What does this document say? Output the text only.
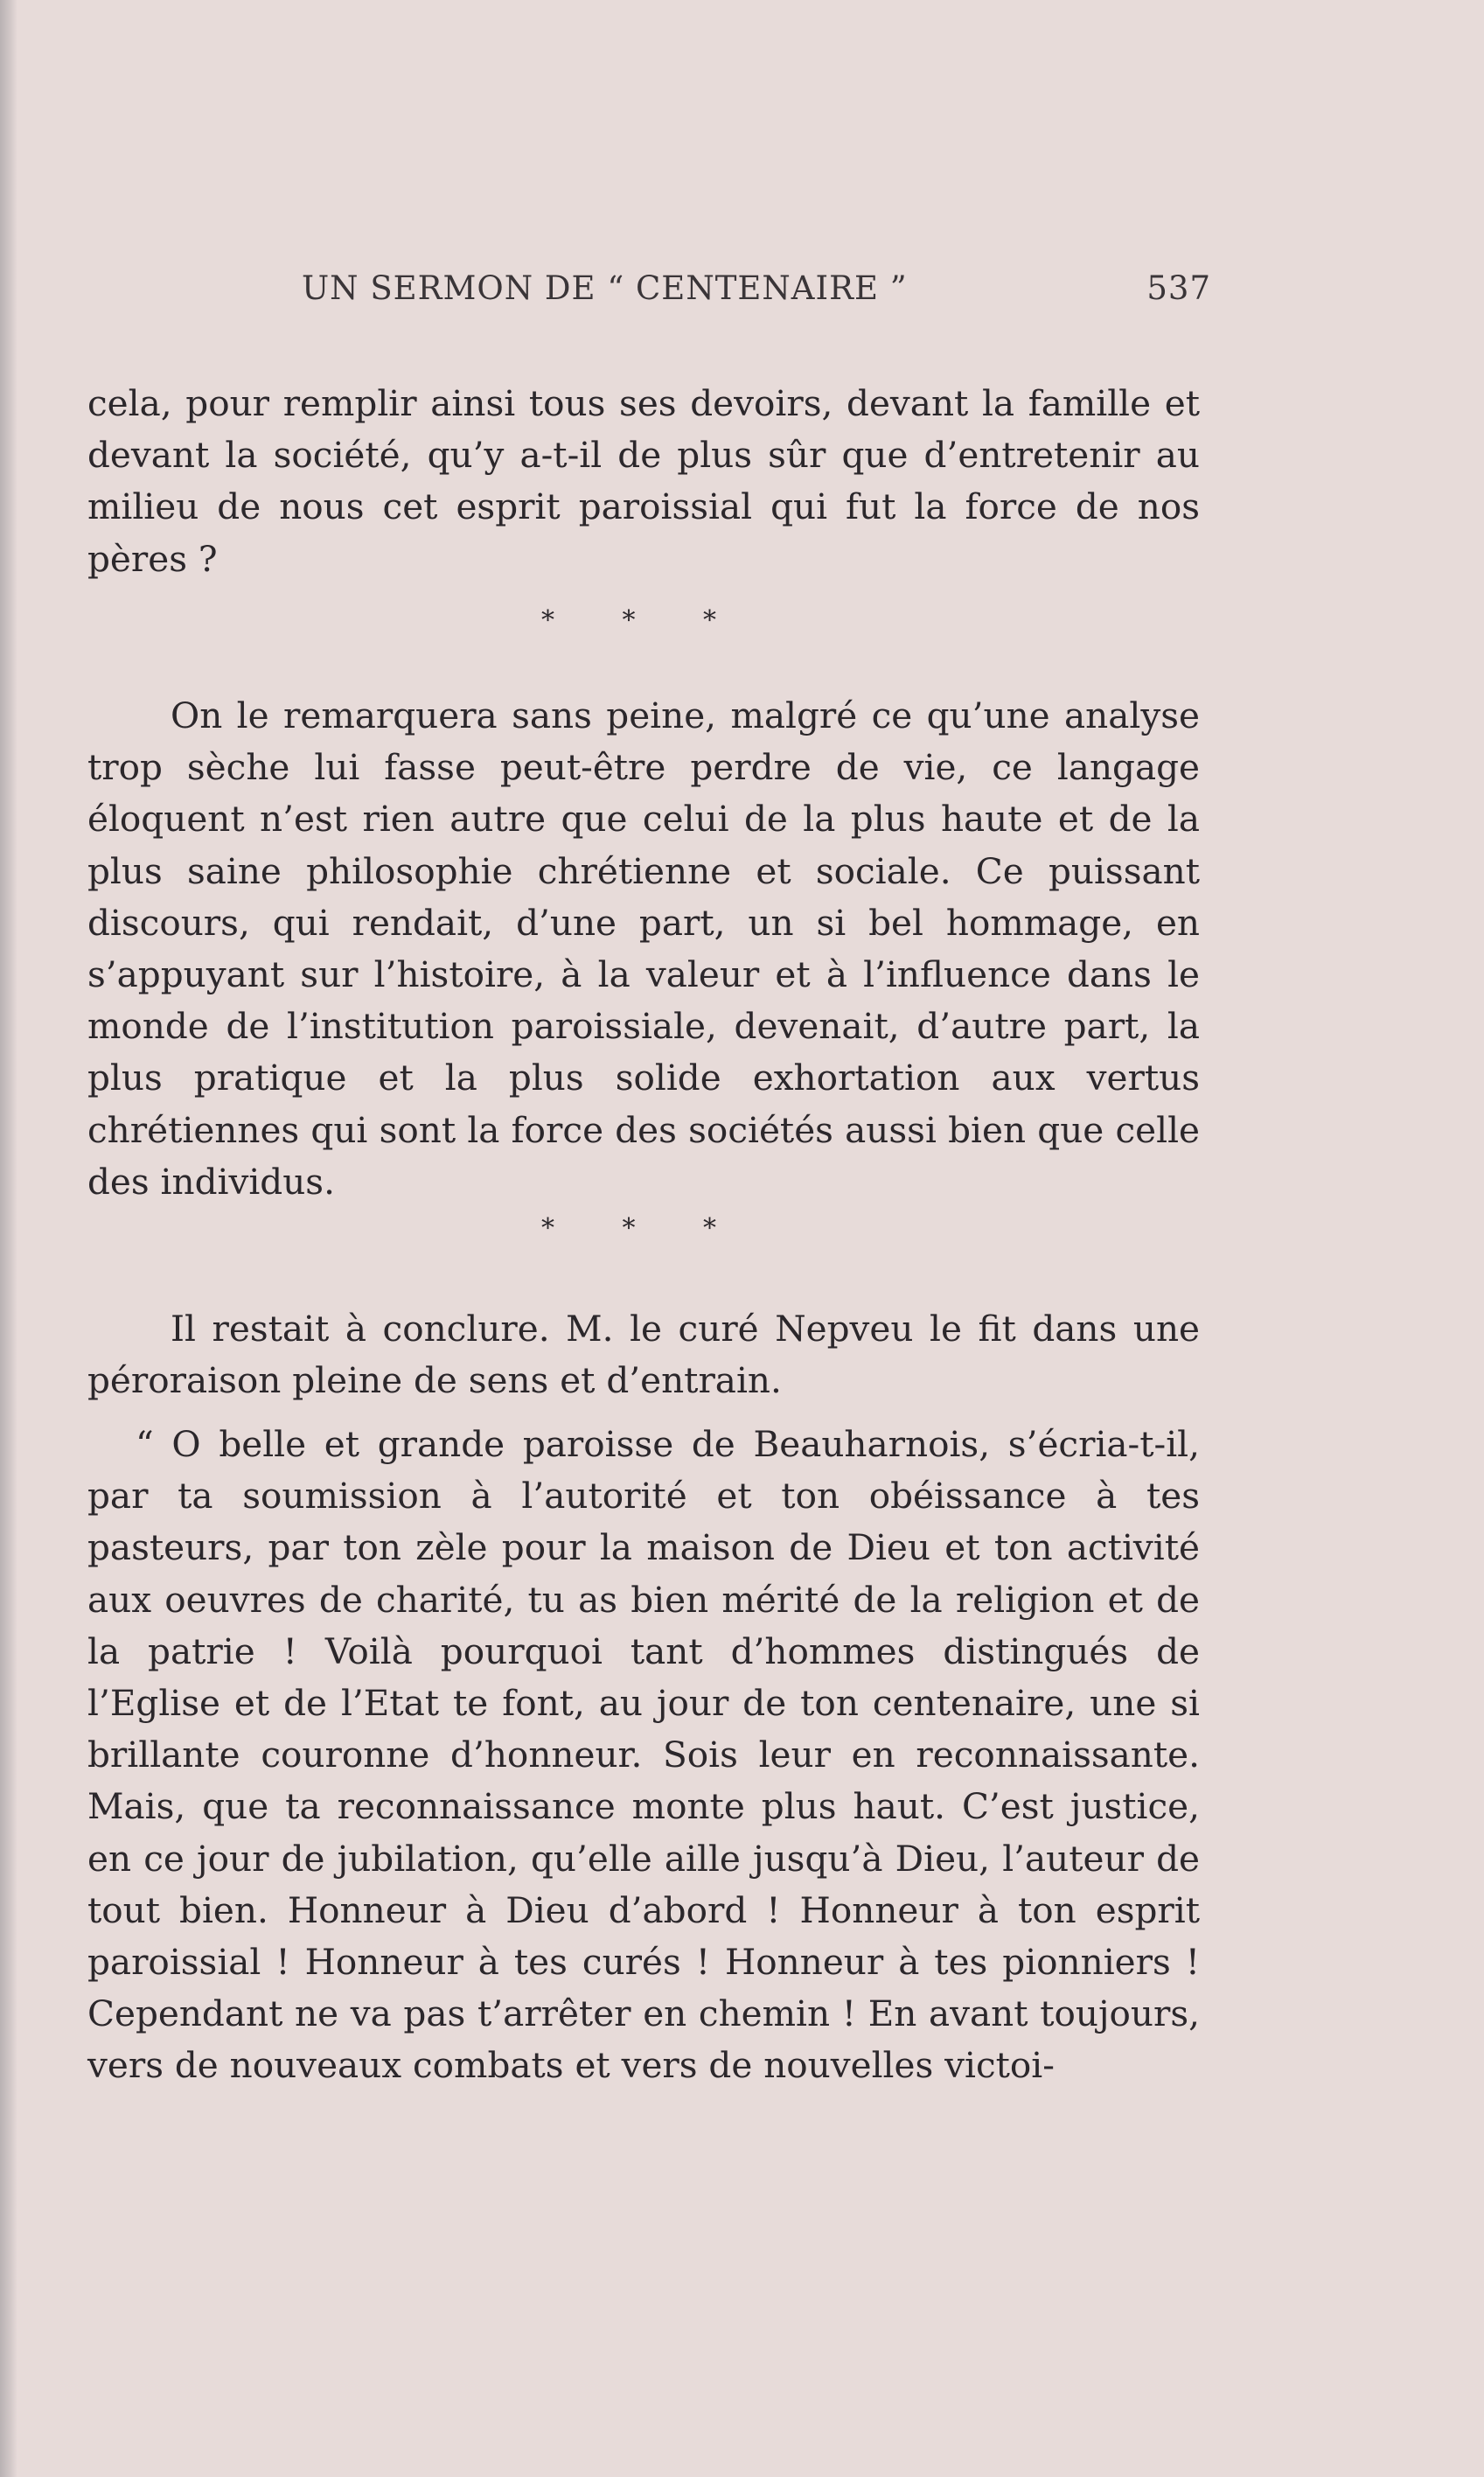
UN SERMON DE “ CENTENAIRE ”	537

cela, pour remplir ainsi tous ses devoirs, devant la famille et devant la société, qu’y a-t-il de plus sûr que d’entretenir au milieu de nous cet esprit paroissial qui fut la force de nos pères ?

* * *

On le remarquera sans peine, malgré ce qu’une analyse trop sèche lui fasse peut-être perdre de vie, ce langage éloquent n’est rien autre que celui de la plus haute et de la plus saine philosophie chrétienne et sociale. Ce puissant discours, qui rendait, d’une part, un si bel hommage, en s’appuyant sur l’histoire, à la valeur et à l’influence dans le monde de l’institution paroissiale, devenait, d’autre part, la plus pratique et la plus solide exhortation aux vertus chrétiennes qui sont la force des sociétés aussi bien que celle des individus.

* * *

Il restait à conclure. M. le curé Nepveu le fit dans une péroraison pleine de sens et d’entrain.

“ O belle et grande paroisse de Beauharnois, s’écria-t-il, par ta soumission à l’autorité et ton obéissance à tes pasteurs, par ton zèle pour la maison de Dieu et ton activité aux oeuvres de charité, tu as bien mérité de la religion et de la patrie ! Voilà pourquoi tant d’hommes distingués de l’Eglise et de l’Etat te font, au jour de ton centenaire, une si brillante couronne d’honneur. Sois leur en reconnaissante. Mais, que ta reconnaissance monte plus haut. C’est justice, en ce jour de jubilation, qu’elle aille jusqu’à Dieu, l’auteur de tout bien. Honneur à Dieu d’abord ! Honneur à ton esprit paroissial ! Honneur à tes curés ! Honneur à tes pionniers ! Cependant ne va pas t’arrêter en chemin ! En avant toujours, vers de nouveaux combats et vers de nouvelles victoi-
